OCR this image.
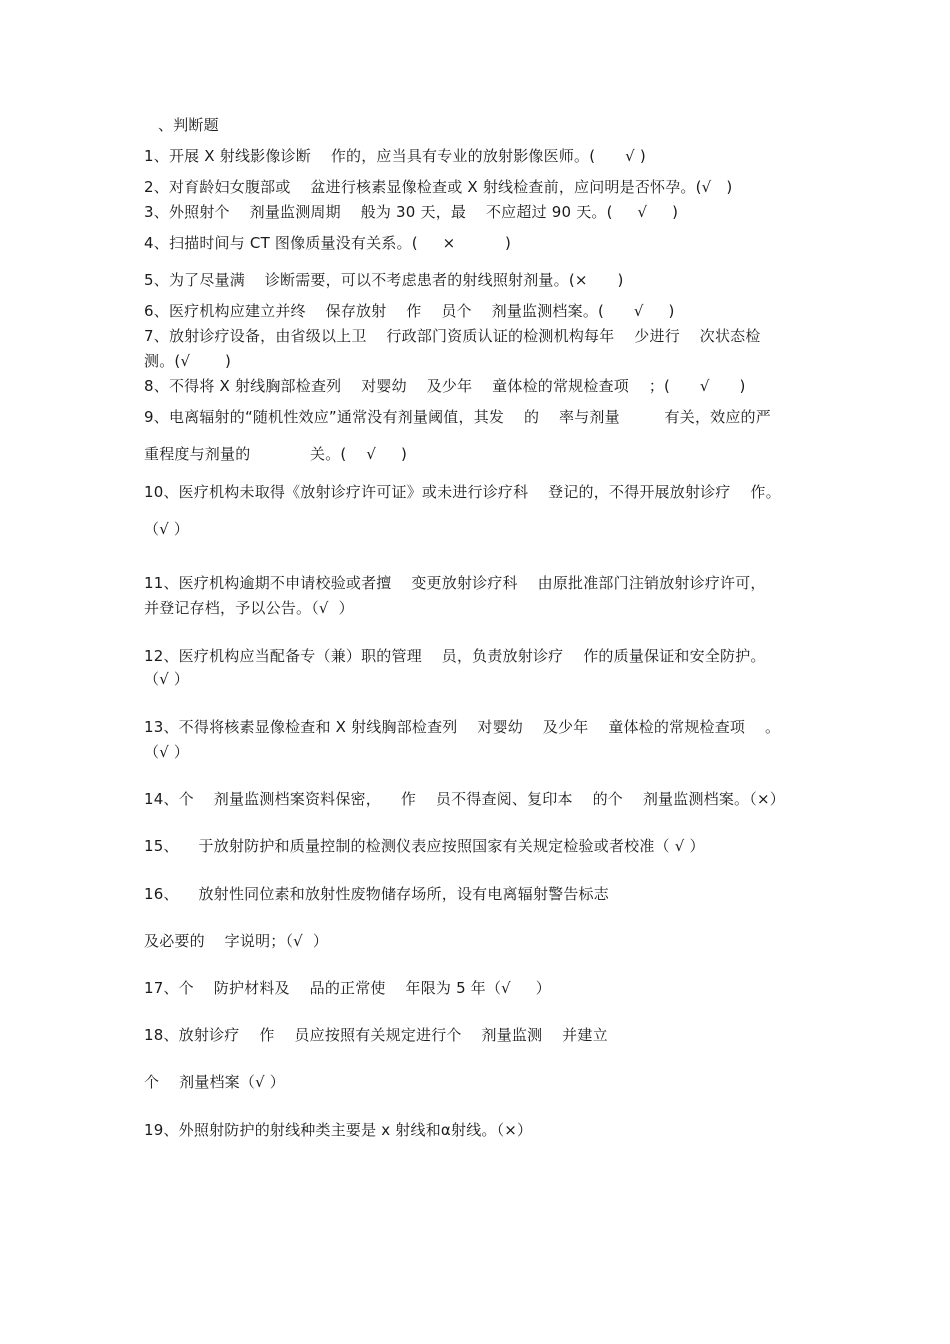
、判断题

1、开展 X 射线影像诊断    作的，应当具有专业的放射影像医师。(      √ )

2、对育龄妇女腹部或    盆进行核素显像检查或 X 射线检查前，应问明是否怀孕。(√   )

3、外照射个    剂量监测周期    般为 30 天，最    不应超过 90 天。(     √     )

4、扫描时间与 CT 图像质量没有关系。(     ×          )

5、为了尽量满    诊断需要，可以不考虑患者的射线照射剂量。(×      )

6、医疗机构应建立并终    保存放射    作    员个    剂量监测档案。(      √     )

7、放射诊疗设备，由省级以上卫    行政部门资质认证的检测机构每年    少进行    次状态检

测。(√       )

8、不得将 X 射线胸部检查列    对婴幼    及少年    童体检的常规检查项    ；(      √      )

9、电离辐射的“随机性效应”通常没有剂量阈值，其发    的    率与剂量         有关，效应的严

重程度与剂量的            关。(    √     )

10、医疗机构未取得《放射诊疗许可证》或未进行诊疗科    登记的，不得开展放射诊疗    作。

（√ ）

11、医疗机构逾期不申请校验或者擅    变更放射诊疗科    由原批准部门注销放射诊疗许可，

并登记存档，予以公告。（√  ）

12、医疗机构应当配备专（兼）职的管理    员，负责放射诊疗    作的质量保证和安全防护。

（√ ）

13、不得将核素显像检查和 X 射线胸部检查列    对婴幼    及少年    童体检的常规检查项    。

（√ ）

14、个    剂量监测档案资料保密，    作    员不得查阅、复印本    的个    剂量监测档案。（×）

15、    于放射防护和质量控制的检测仪表应按照国家有关规定检验或者校准（ √ ）

16、    放射性同位素和放射性废物储存场所，设有电离辐射警告标志

及必要的    字说明；（√  ）

17、个    防护材料及    品的正常使    年限为 5 年（√     ）

18、放射诊疗    作    员应按照有关规定进行个    剂量监测    并建立

个    剂量档案（√ ）

19、外照射防护的射线种类主要是 x 射线和α射线。（×）
